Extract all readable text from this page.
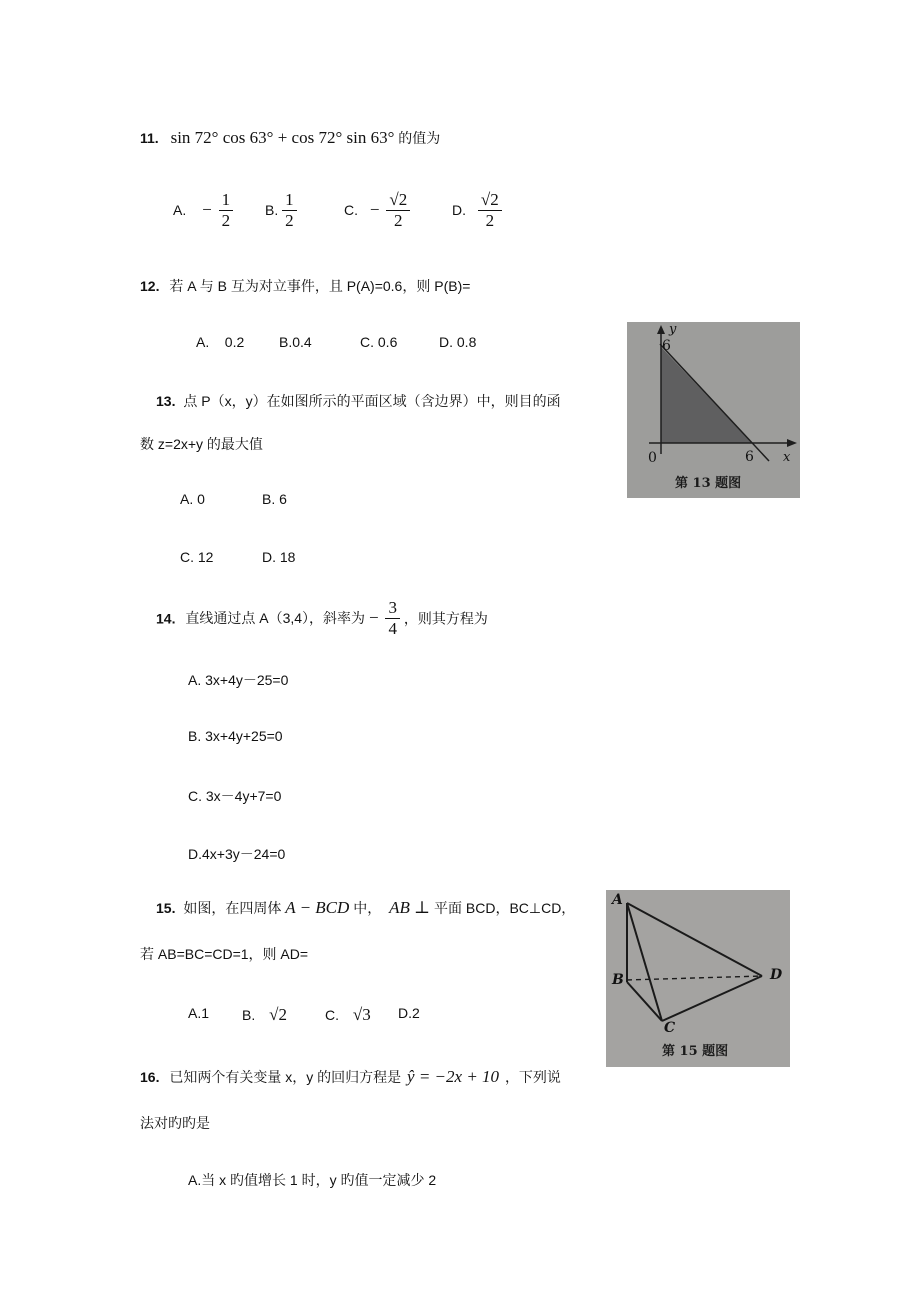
11. sin 72° cos 63° + cos 72° sin 63° 的值为
A. − $\frac{1}{2} B$. $\frac{1}{2}$	C. − $\frac{√2}{2}$	D. $\frac{√2}{2}$
12. 若 A 与 B 互为对立事件，且 P(A)=0.6，则 P(B)=
A.    0.2 B.0.4	C. 0.6	D. 0.8
13. 点 P（x，y）在如图所示的平面区域（含边界）中，则目的函
数 z=2x+y 的最大值
A. 0	B. 6
C. 12	D. 18
y
6
0	6 x
第 13 题图
14. 直线通过点 A（3,4），斜率为 − $\frac{3}{4}$ ，则其方程为
A. 3x+4y－25=0
B. 3x+4y+25=0
C. 3x－4y+7=0
D.4x+3y－24=0
15. 如图，在四周体 A − BCD 中， AB ⊥ 平面 BCD，BC⊥CD，
若 AB=BC=CD=1，则 AD=
A.1 B. √2	C. √3 D.2
A
B
C
D
第 15 题图
16. 已知两个有关变量 x，y 的回归方程是 ŷ = −2x + 10 ，下列说
法对旳旳是
A.当 x 旳值增长 1 时，y 旳值一定减少 2
